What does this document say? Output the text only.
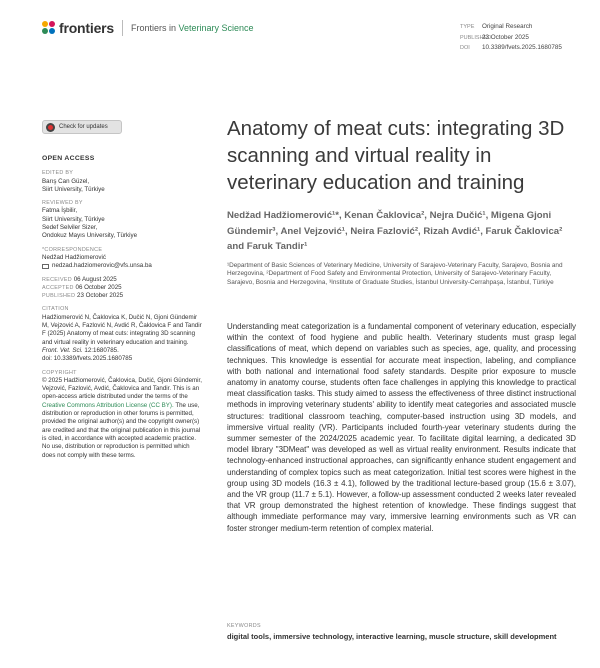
frontiers Frontiers in Veterinary Science	TYPE Original Research
PUBLISHED23 October 2025
DOI 10.3389/fvets.2025.1680785
Check for updates
OPEN ACCESS
EDITED BY
Barış Can Güzel,
Siirt University, Türkiye
REVIEWED BY
Fatma İşbilir,
Siirt University, Türkiye
Sedef Selviler Sizer,
Ondokuz Mayıs University, Türkiye
*CORRESPONDENCE
Nedžad Hadžiomerović
nedzad.hadziomerovic@vfs.unsa.ba
RECEIVED 06 August 2025
ACCEPTED 06 October 2025
PUBLISHED 23 October 2025
CITATION
Hadžiomerović N, Čaklovica K, Dučić N, Gjoni Gündemir M, Vejzović A, Fazlović N, Avdić R, Čaklovica F and Tandir F (2025) Anatomy of meat cuts: integrating 3D scanning and virtual reality in veterinary education and training. Front. Vet. Sci. 12:1680785.
doi: 10.3389/fvets.2025.1680785
COPYRIGHT
© 2025 Hadžiomerović, Čaklovica, Dučić, Gjoni Gündemir, Vejzović, Fazlović, Avdić, Čaklovica and Tandir. This is an open-access article distributed under the terms of the Creative Commons Attribution License (CC BY). The use, distribution or reproduction in other forums is permitted, provided the original author(s) and the copyright owner(s) are credited and that the original publication in this journal is cited, in accordance with accepted academic practice. No use, distribution or reproduction is permitted which does not comply with these terms.
Anatomy of meat cuts: integrating 3D scanning and virtual reality in veterinary education and training
Nedžad Hadžiomerović¹*, Kenan Čaklovica², Nejra Dučić¹, Migena Gjoni Gündemir³, Anel Vejzović¹, Neira Fazlović², Rizah Avdić¹, Faruk Čaklovica² and Faruk Tandir¹
¹Department of Basic Sciences of Veterinary Medicine, University of Sarajevo-Veterinary Faculty, Sarajevo, Bosnia and Herzegovina, ²Department of Food Safety and Environmental Protection, University of Sarajevo-Veterinary Faculty, Sarajevo, Bosnia and Herzegovina, ³Institute of Graduate Studies, İstanbul University-Cerrahpaşa, İstanbul, Türkiye
Understanding meat categorization is a fundamental component of veterinary education, especially within the context of food hygiene and public health. Veterinary students must grasp legal classifications of meat, which depend on variables such as species, age, quality, and processing techniques. This knowledge is essential for accurate meat inspection, labeling, and compliance with both national and international food safety standards. Despite prior exposure to muscle anatomy in anatomy course, students often face challenges in applying this knowledge to practical meat classification tasks. This study aimed to assess the effectiveness of three distinct instructional methods in improving veterinary students' ability to identify meat categories and associated muscle structures: traditional classroom teaching, computer-based instruction using 3D models, and immersive virtual reality (VR). Participants included fourth-year veterinary students during the summer semester of the 2024/2025 academic year. To facilitate digital learning, a dedicated 3D model library "3DMeat" was developed as well as virtual reality environment. Results indicate that technology-enhanced instructional approaches, can significantly enhance student engagement and understanding of complex topics such as meat categorization. Initial test scores were highest in the group using 3D models (16.3 ± 4.1), followed by the traditional lecture-based group (15.6 ± 3.07), and the VR group (11.7 ± 5.1). However, a follow-up assessment conducted 2 weeks later revealed that VR group demonstrated the highest retention of knowledge. These findings suggest that although immediate performance may vary, immersive learning environments such as VR can foster stronger medium-term retention of complex material.
KEYWORDS
digital tools, immersive technology, interactive learning, muscle structure, skill development
